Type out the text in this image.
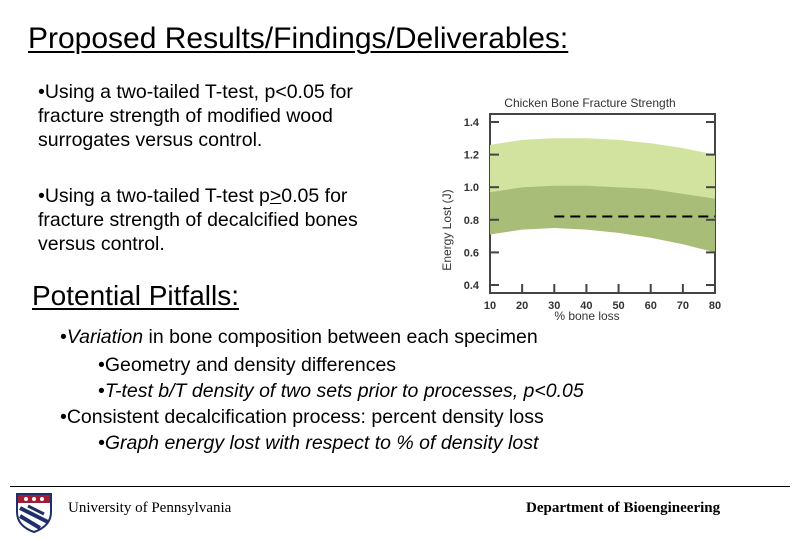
Proposed Results/Findings/Deliverables:
•Using a two-tailed T-test, p<0.05 for fracture strength of modified wood surrogates versus control.
•Using a two-tailed T-test p≥0.05 for fracture strength of decalcified bones versus control.
Potential Pitfalls:
•Variation in bone composition between each specimen
•Geometry and density differences
•T-test b/T density of two sets prior to processes, p<0.05
•Consistent decalcification process: percent density loss
•Graph energy lost with respect to % of density lost
Chicken Bone Fracture Strength
Energy Lost (J)
0.4
0.6
0.8
1.0
1.2
1.4
10 20 30 40 50 60 70 80
% bone loss
University of Pennsylvania	Department of Bioengineering
